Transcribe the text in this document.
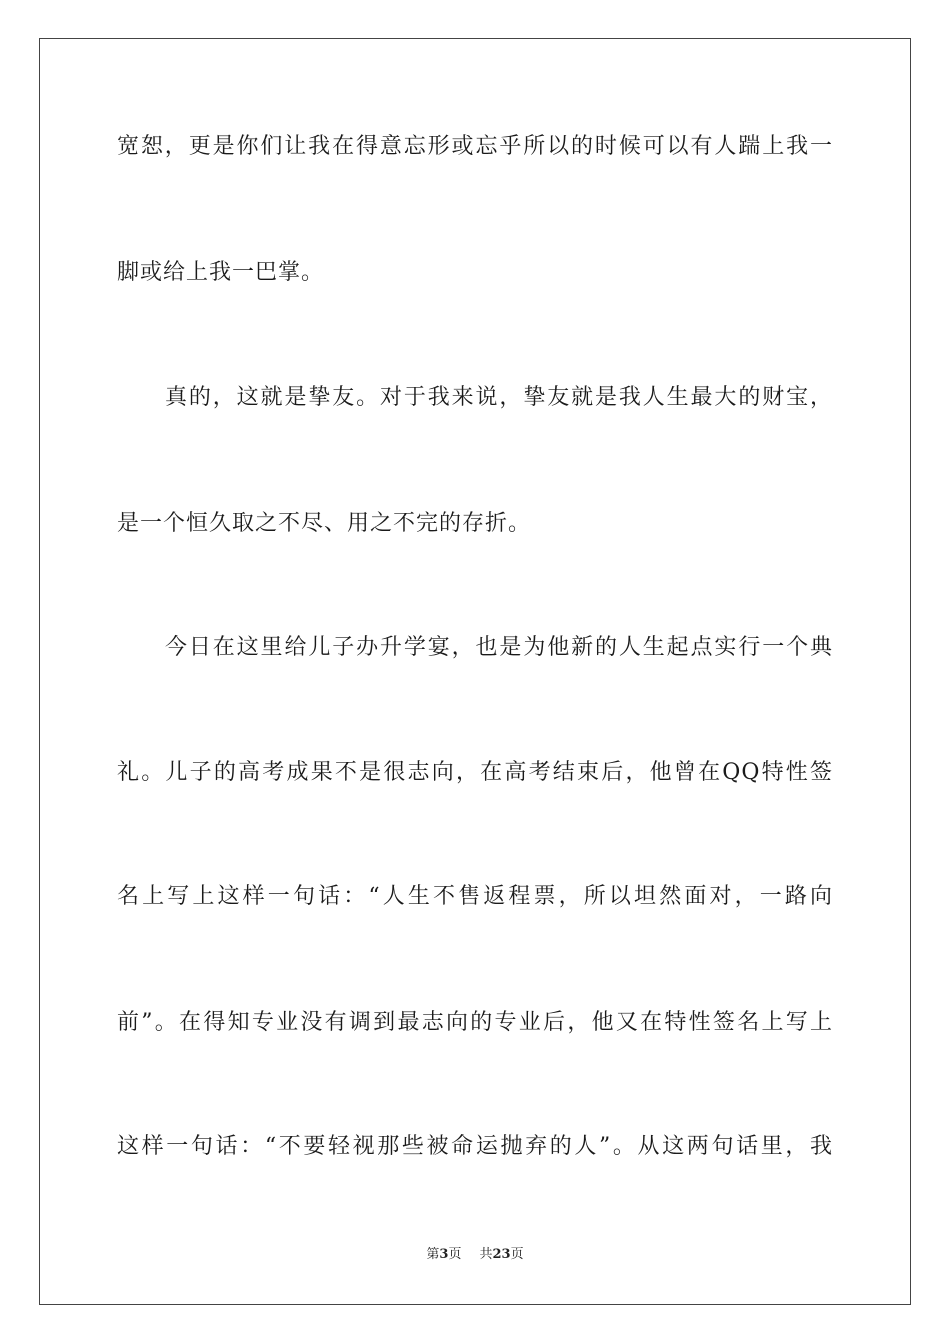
宽恕，更是你们让我在得意忘形或忘乎所以的时候可以有人踹上我一
脚或给上我一巴掌。
真的，这就是挚友。对于我来说，挚友就是我人生最大的财宝，
是一个恒久取之不尽、用之不完的存折。
今日在这里给儿子办升学宴，也是为他新的人生起点实行一个典
礼。儿子的高考成果不是很志向，在高考结束后，他曾在QQ特性签
名上写上这样一句话：“人生不售返程票，所以坦然面对，一路向
前”。在得知专业没有调到最志向的专业后，他又在特性签名上写上
这样一句话：“不要轻视那些被命运抛弃的人”。从这两句话里，我
第3页 共23页
